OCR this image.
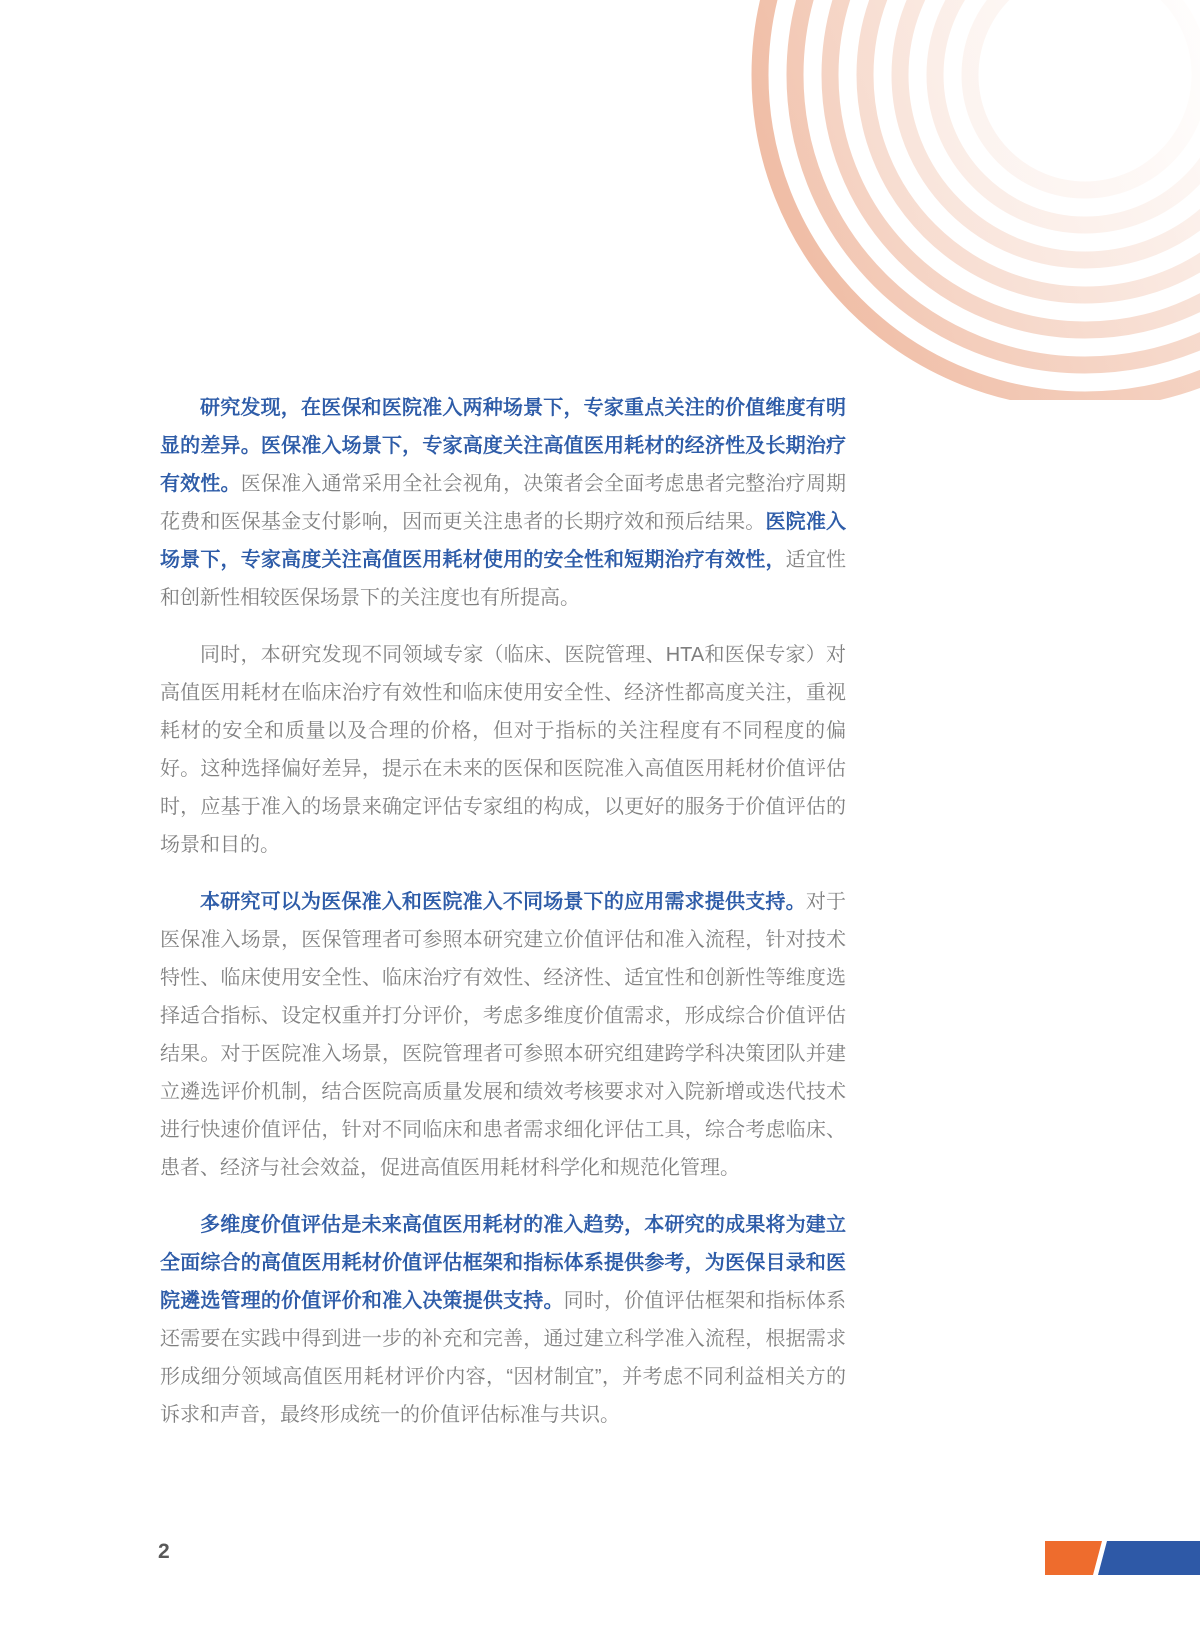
研究发现，在医保和医院准入两种场景下，专家重点关注的价值维度有明显的差异。医保准入场景下，专家高度关注高值医用耗材的经济性及长期治疗有效性。医保准入通常采用全社会视角，决策者会全面考虑患者完整治疗周期花费和医保基金支付影响，因而更关注患者的长期疗效和预后结果。医院准入场景下，专家高度关注高值医用耗材使用的安全性和短期治疗有效性，适宜性和创新性相较医保场景下的关注度也有所提高。

同时，本研究发现不同领域专家（临床、医院管理、HTA和医保专家）对高值医用耗材在临床治疗有效性和临床使用安全性、经济性都高度关注，重视耗材的安全和质量以及合理的价格，但对于指标的关注程度有不同程度的偏好。这种选择偏好差异，提示在未来的医保和医院准入高值医用耗材价值评估时，应基于准入的场景来确定评估专家组的构成，以更好的服务于价值评估的场景和目的。

本研究可以为医保准入和医院准入不同场景下的应用需求提供支持。对于医保准入场景，医保管理者可参照本研究建立价值评估和准入流程，针对技术特性、临床使用安全性、临床治疗有效性、经济性、适宜性和创新性等维度选择适合指标、设定权重并打分评价，考虑多维度价值需求，形成综合价值评估结果。对于医院准入场景，医院管理者可参照本研究组建跨学科决策团队并建立遴选评价机制，结合医院高质量发展和绩效考核要求对入院新增或迭代技术进行快速价值评估，针对不同临床和患者需求细化评估工具，综合考虑临床、患者、经济与社会效益，促进高值医用耗材科学化和规范化管理。

多维度价值评估是未来高值医用耗材的准入趋势，本研究的成果将为建立全面综合的高值医用耗材价值评估框架和指标体系提供参考，为医保目录和医院遴选管理的价值评价和准入决策提供支持。同时，价值评估框架和指标体系还需要在实践中得到进一步的补充和完善，通过建立科学准入流程，根据需求形成细分领域高值医用耗材评价内容，“因材制宜”，并考虑不同利益相关方的诉求和声音，最终形成统一的价值评估标准与共识。

2
